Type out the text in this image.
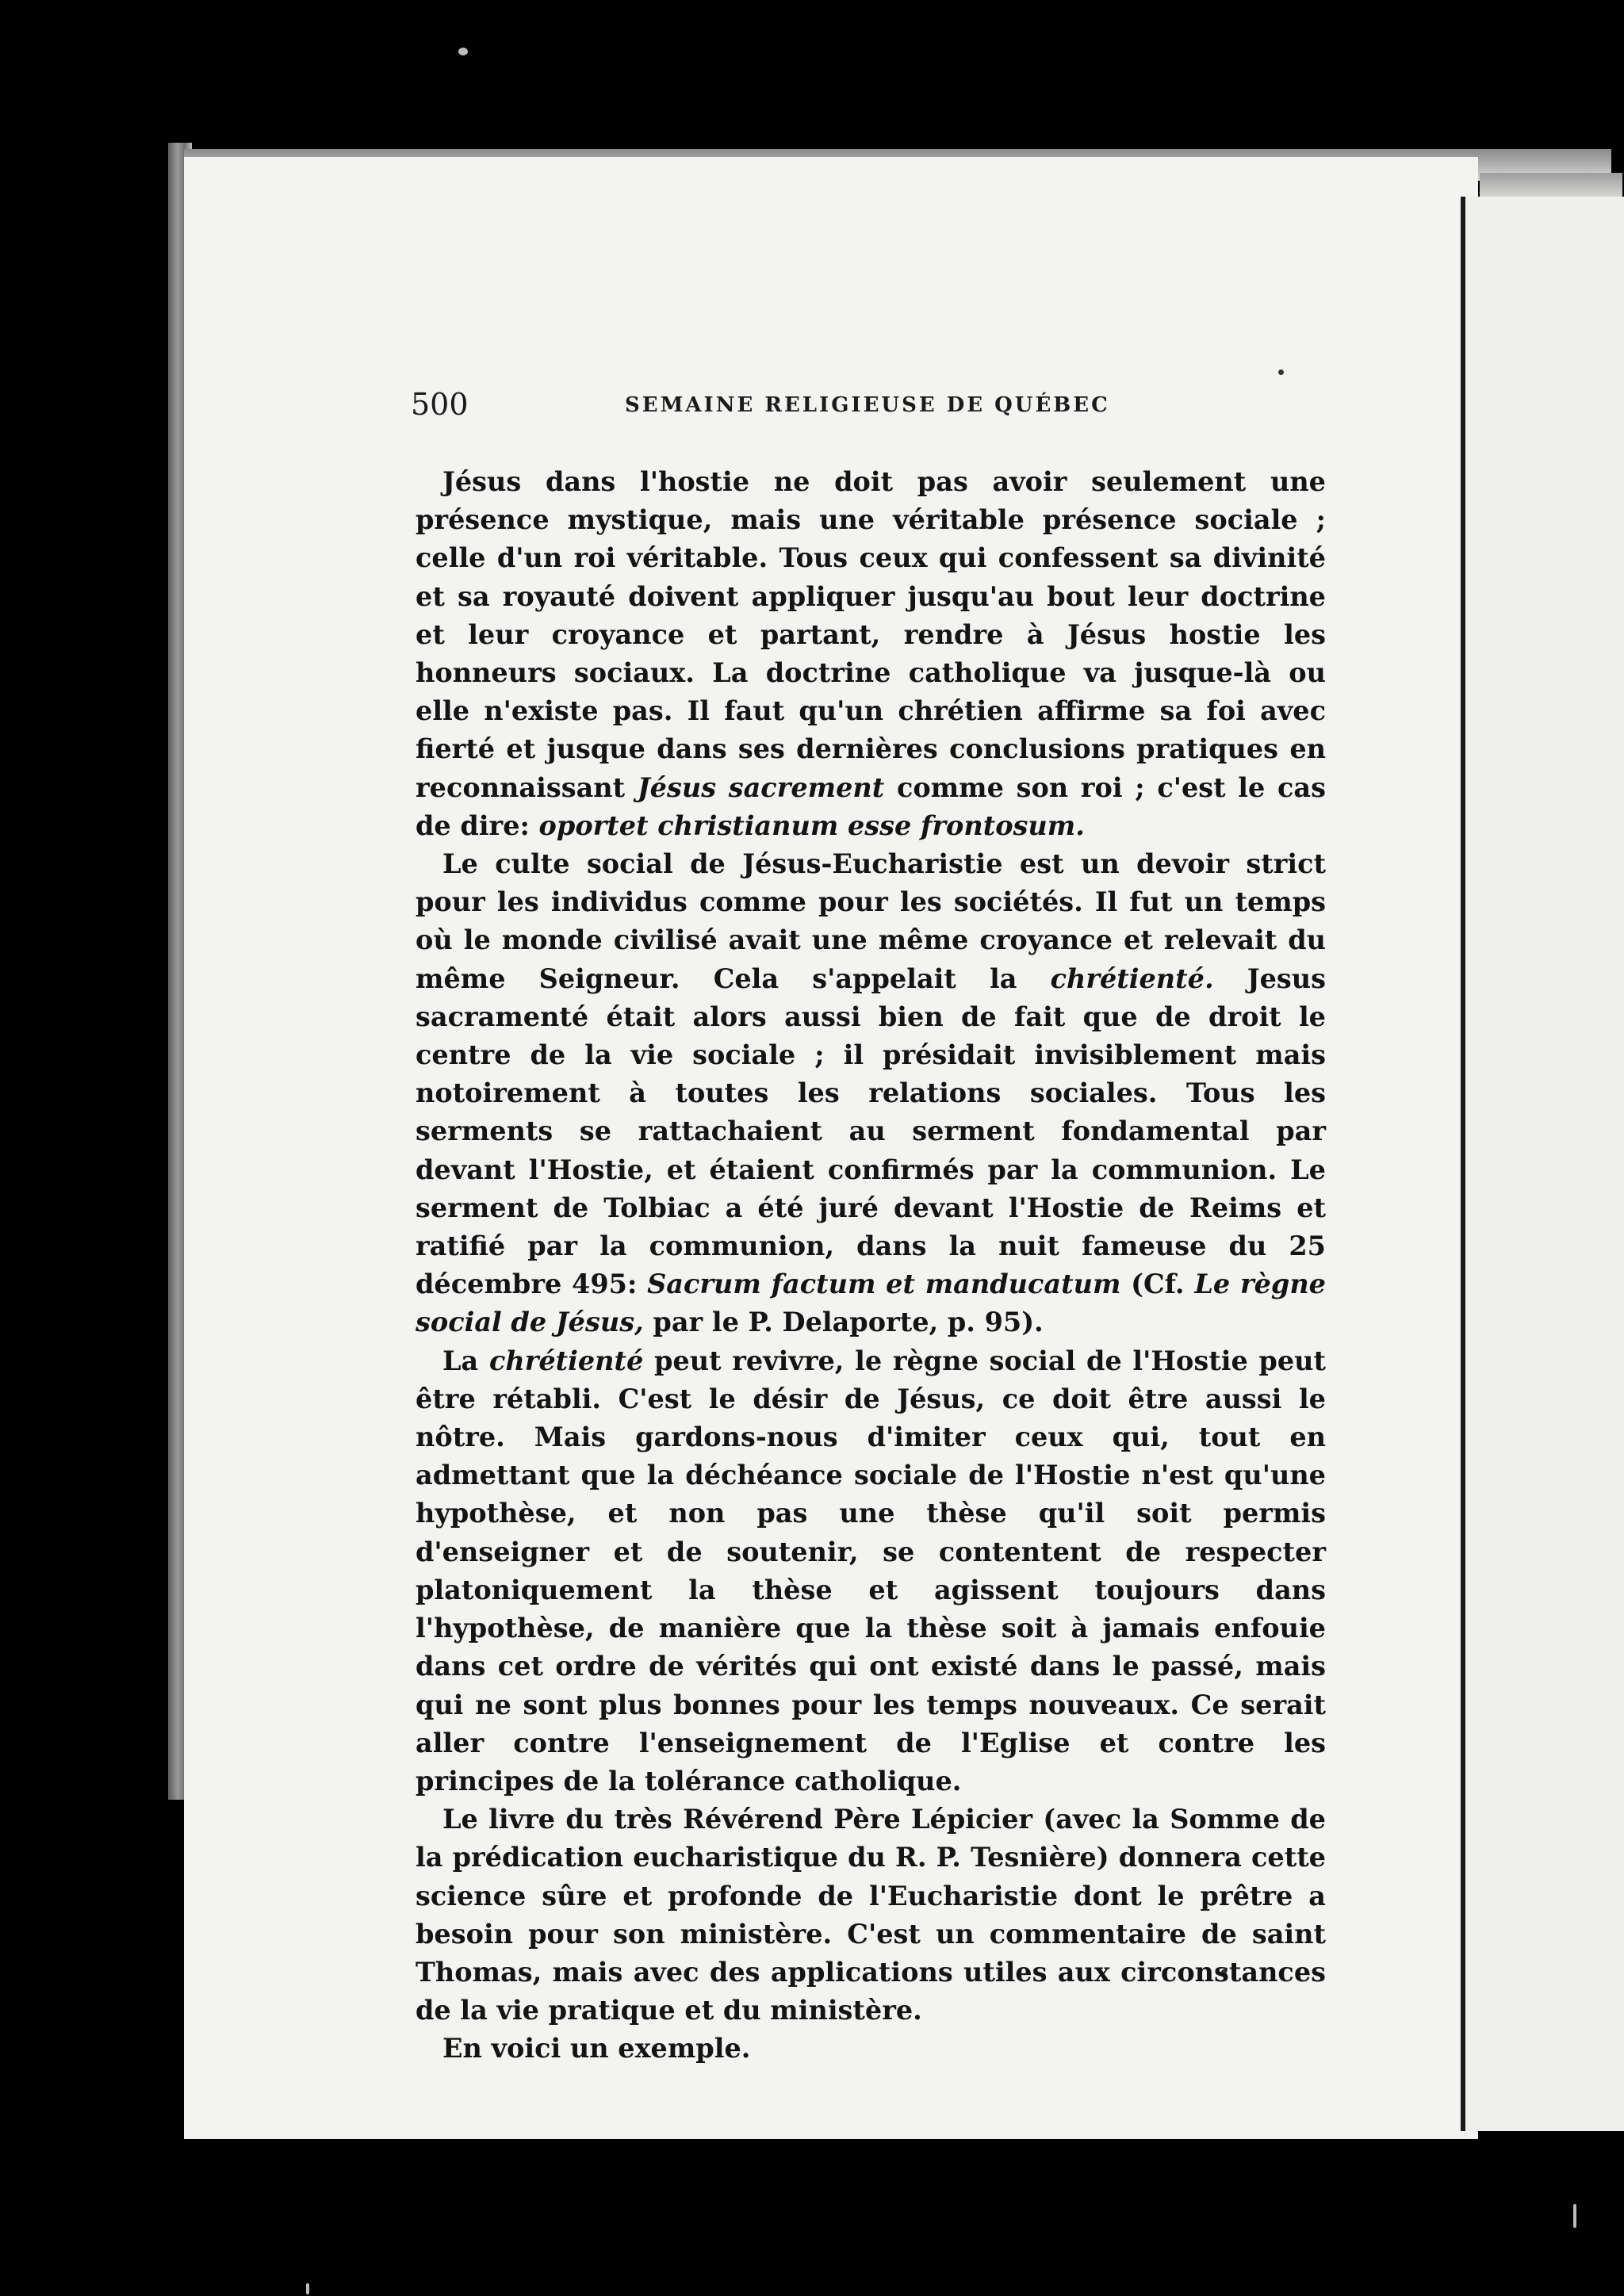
500	SEMAINE RELIGIEUSE DE QUÉBEC

Jésus dans l'hostie ne doit pas avoir seulement une présence mystique, mais une véritable présence sociale ; celle d'un roi véritable. Tous ceux qui confessent sa divinité et sa royauté doivent appliquer jusqu'au bout leur doctrine et leur croyance et partant, rendre à Jésus hostie les honneurs sociaux. La doctrine catholique va jusque-là ou elle n'existe pas. Il faut qu'un chrétien affirme sa foi avec fierté et jusque dans ses dernières conclusions pratiques en reconnaissant Jésus sacrement comme son roi ; c'est le cas de dire: oportet christianum esse frontosum.

Le culte social de Jésus-Eucharistie est un devoir strict pour les individus comme pour les sociétés. Il fut un temps où le monde civilisé avait une même croyance et relevait du même Seigneur. Cela s'appelait la chrétienté. Jesus sacramenté était alors aussi bien de fait que de droit le centre de la vie sociale ; il présidait invisiblement mais notoirement à toutes les relations sociales. Tous les serments se rattachaient au serment fondamental par devant l'Hostie, et étaient confirmés par la communion. Le serment de Tolbiac a été juré devant l'Hostie de Reims et ratifié par la communion, dans la nuit fameuse du 25 décembre 495: Sacrum factum et manducatum (Cf. Le règne social de Jésus, par le P. Delaporte, p. 95).

La chrétienté peut revivre, le règne social de l'Hostie peut être rétabli. C'est le désir de Jésus, ce doit être aussi le nôtre. Mais gardons-nous d'imiter ceux qui, tout en admettant que la déchéance sociale de l'Hostie n'est qu'une hypothèse, et non pas une thèse qu'il soit permis d'enseigner et de soutenir, se contentent de respecter platoniquement la thèse et agissent toujours dans l'hypothèse, de manière que la thèse soit à jamais enfouie dans cet ordre de vérités qui ont existé dans le passé, mais qui ne sont plus bonnes pour les temps nouveaux. Ce serait aller contre l'enseignement de l'Eglise et contre les principes de la tolérance catholique.

Le livre du très Révérend Père Lépicier (avec la Somme de la prédication eucharistique du R. P. Tesnière) donnera cette science sûre et profonde de l'Eucharistie dont le prêtre a besoin pour son ministère. C'est un commentaire de saint Thomas, mais avec des applications utiles aux circonstances de la vie pratique et du ministère.

En voici un exemple.
